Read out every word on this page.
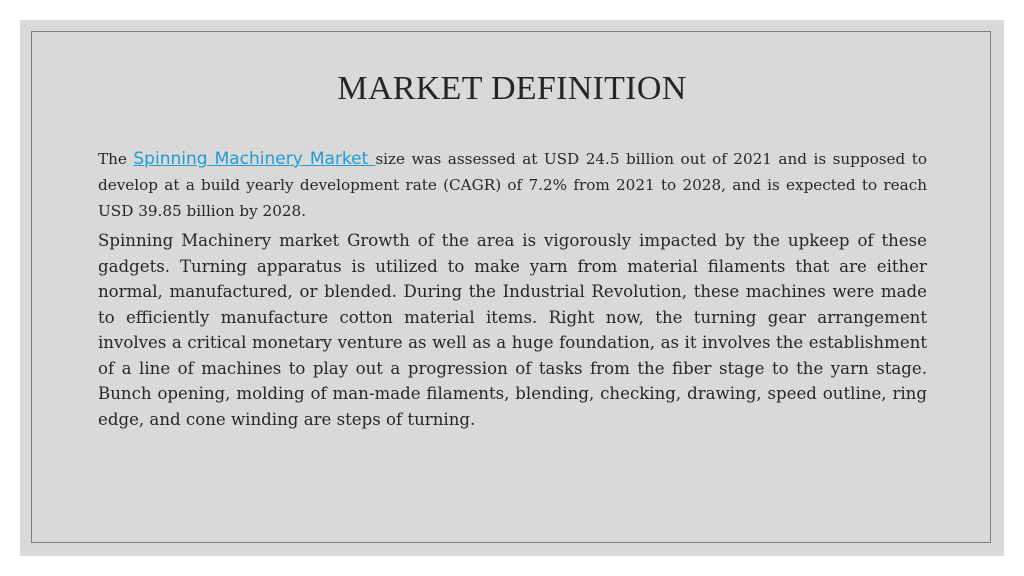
MARKET DEFINITION

The Spinning Machinery Market size was assessed at USD 24.5 billion out of 2021 and is supposed to develop at a build yearly development rate (CAGR) of 7.2% from 2021 to 2028, and is expected to reach USD 39.85 billion by 2028.

Spinning Machinery market Growth of the area is vigorously impacted by the upkeep of these gadgets. Turning apparatus is utilized to make yarn from material filaments that are either normal, manufactured, or blended. During the Industrial Revolution, these machines were made to efficiently manufacture cotton material items. Right now, the turning gear arrangement involves a critical monetary venture as well as a huge foundation, as it involves the establishment of a line of machines to play out a progression of tasks from the fiber stage to the yarn stage. Bunch opening, molding of man-made filaments, blending, checking, drawing, speed outline, ring edge, and cone winding are steps of turning.
